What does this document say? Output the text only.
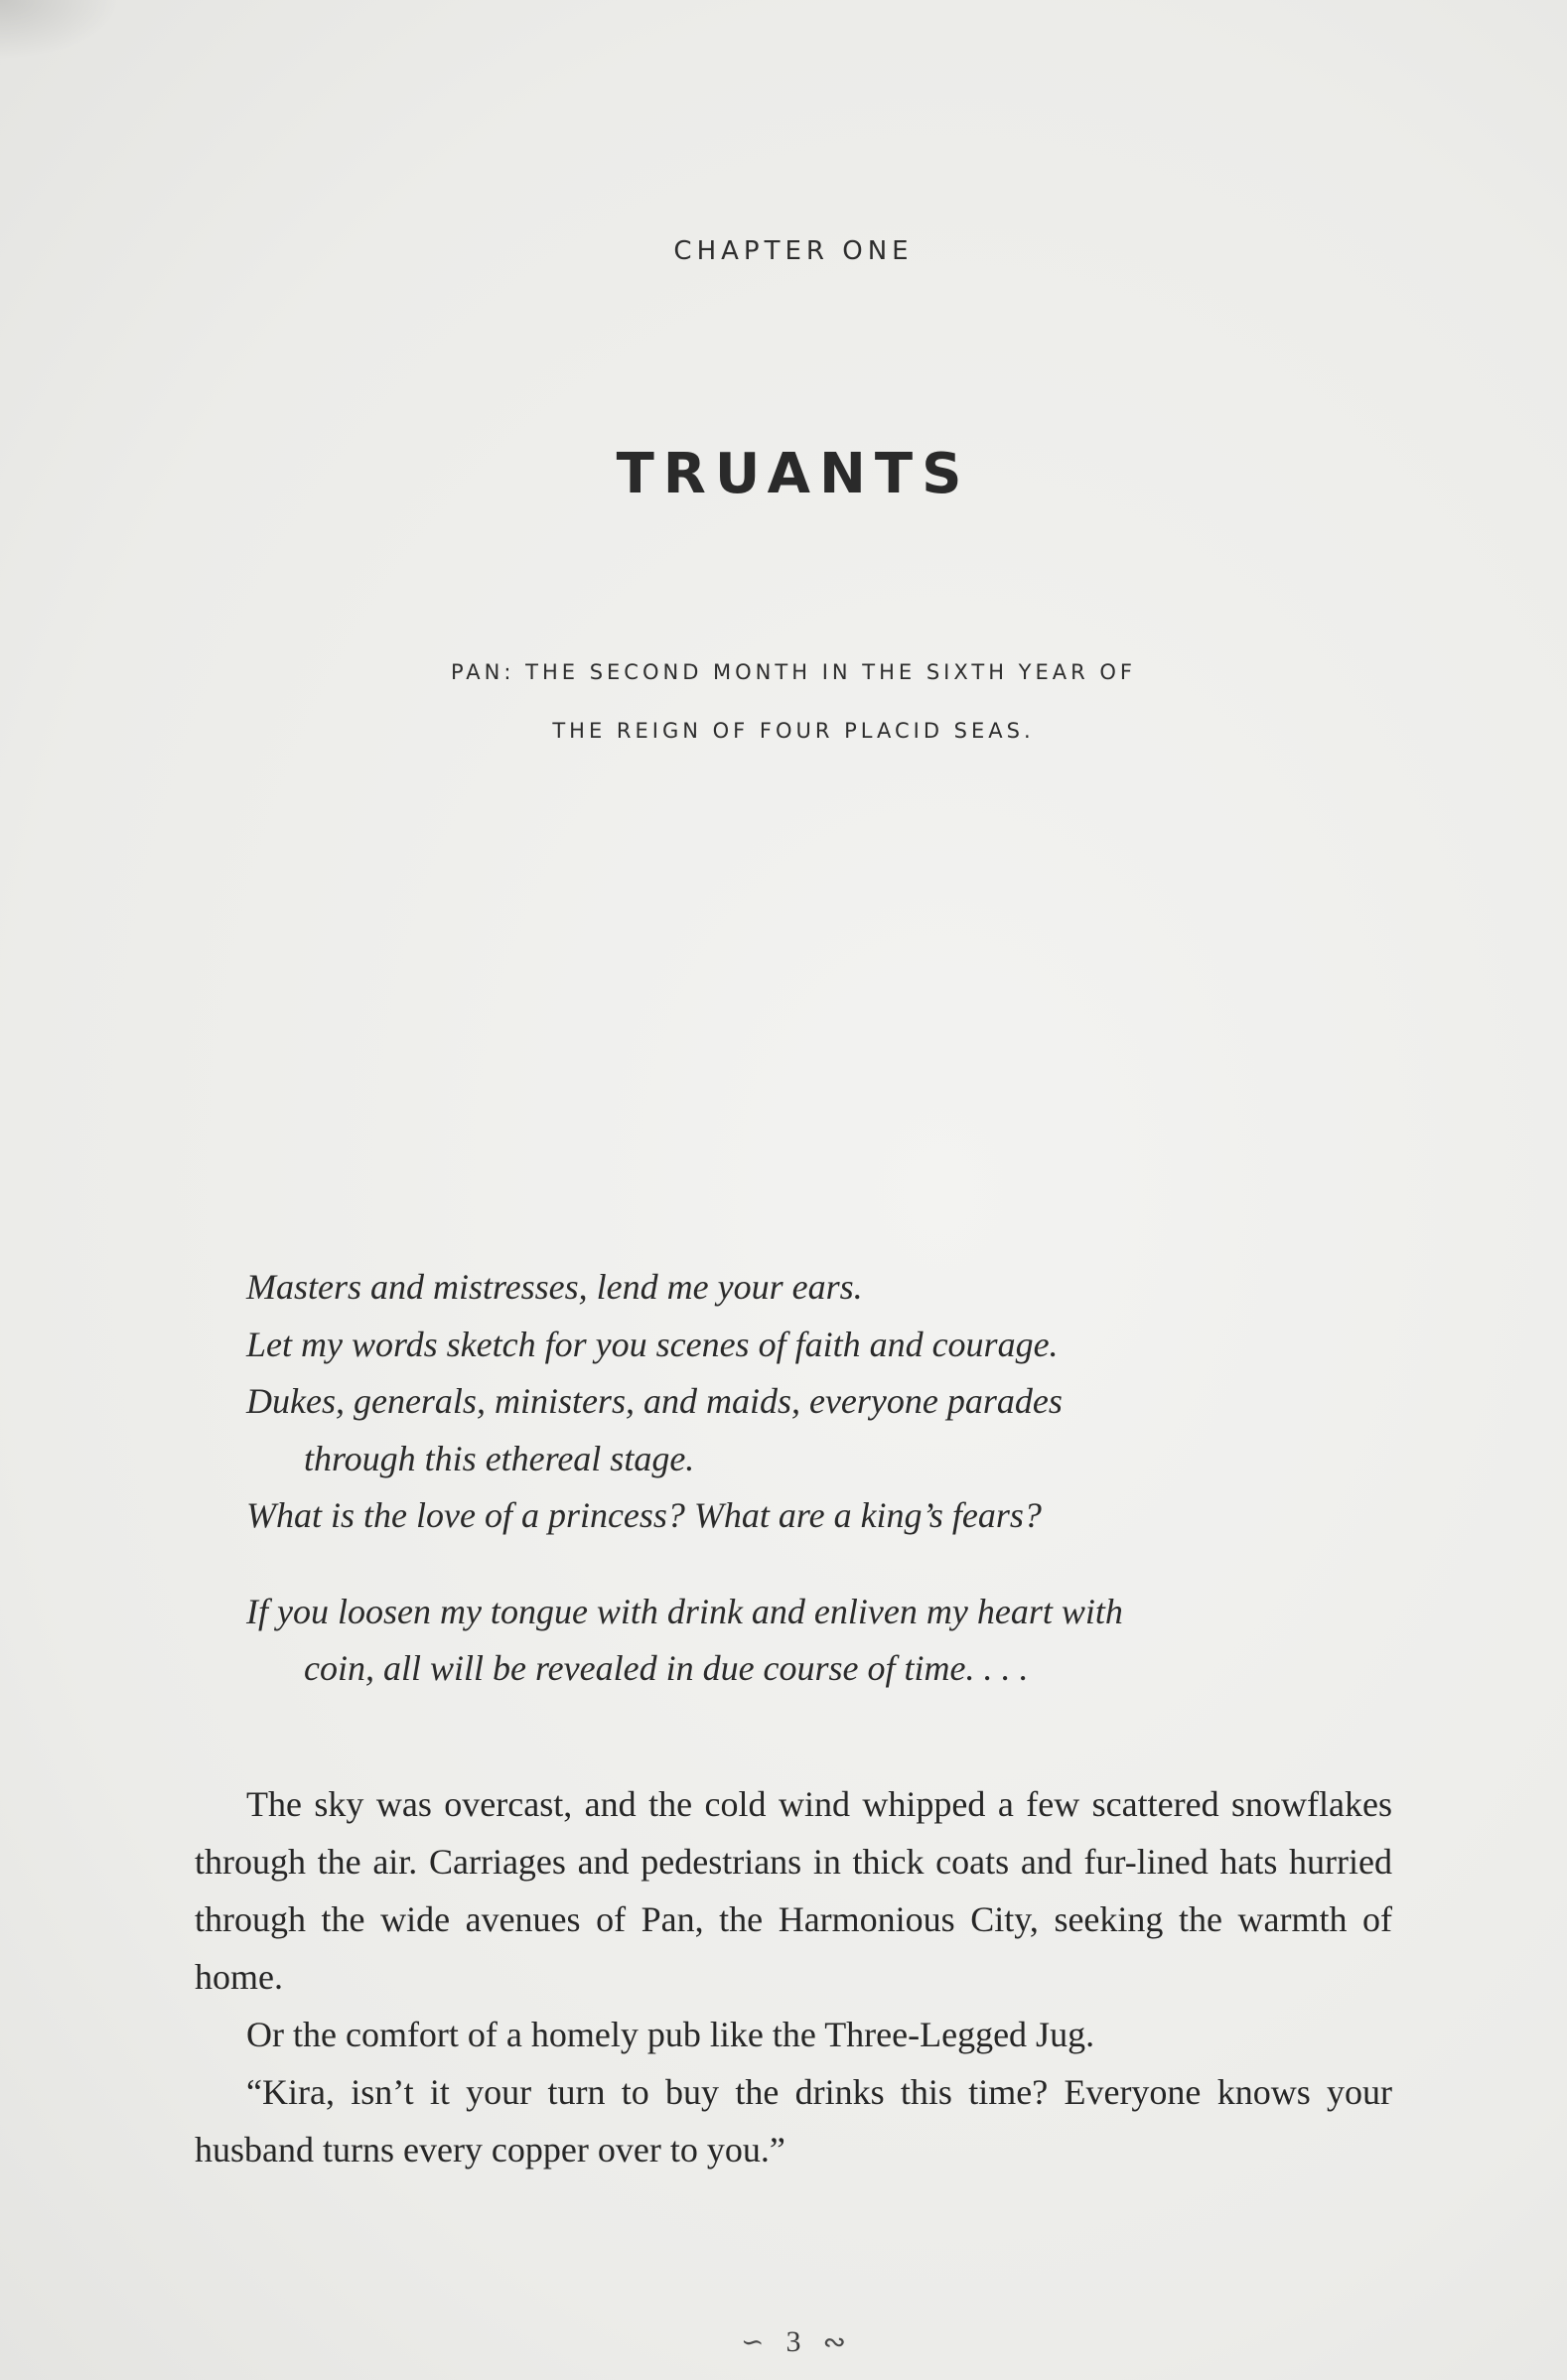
CHAPTER ONE
TRUANTS
PAN: THE SECOND MONTH IN THE SIXTH YEAR OF
THE REIGN OF FOUR PLACID SEAS.
Masters and mistresses, lend me your ears.
Let my words sketch for you scenes of faith and courage.
Dukes, generals, ministers, and maids, everyone parades
through this ethereal stage.
What is the love of a princess? What are a king’s fears?
If you loosen my tongue with drink and enliven my heart with
coin, all will be revealed in due course of time. . . .

The sky was overcast, and the cold wind whipped a few scattered snowflakes through the air. Carriages and pedestrians in thick coats and fur-lined hats hurried through the wide avenues of Pan, the Harmonious City, seeking the warmth of home.

Or the comfort of a homely pub like the Three-Legged Jug.

“Kira, isn’t it your turn to buy the drinks this time? Everyone knows your husband turns every copper over to you.”

∽ 3 ∾
